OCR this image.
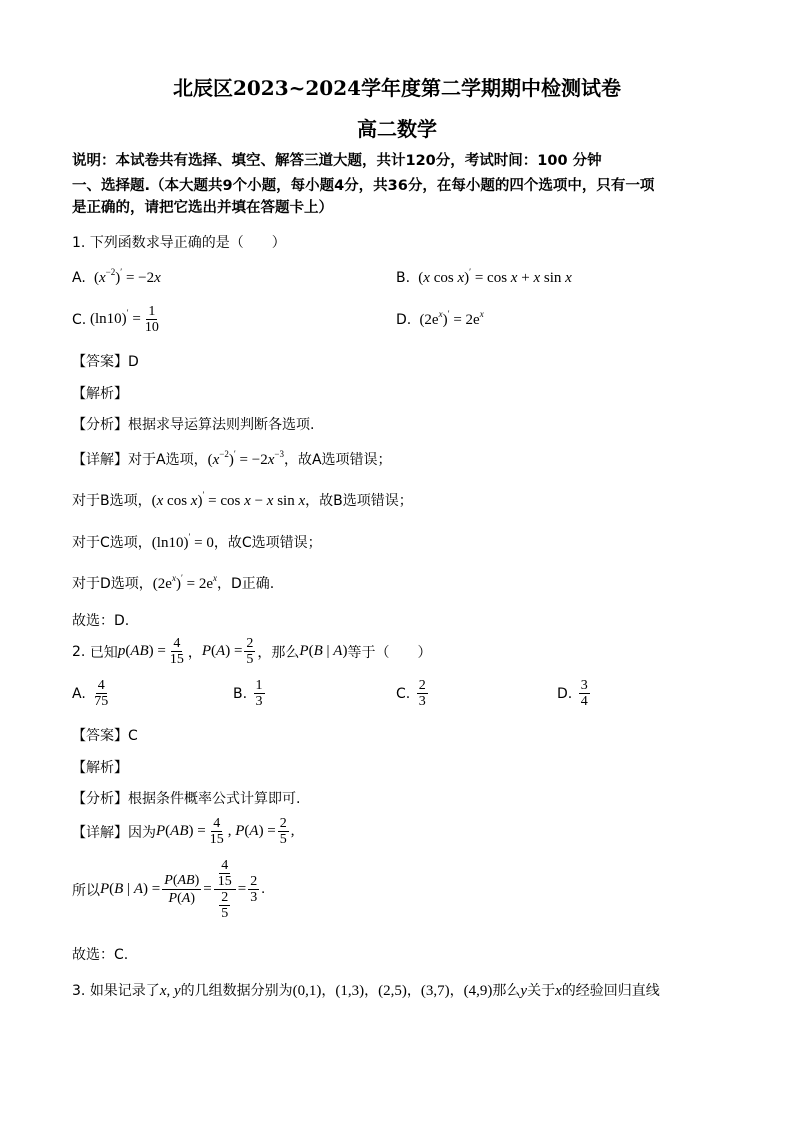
北辰区2023~2024学年度第二学期期中检测试卷
高二数学
说明：本试卷共有选择、填空、解答三道大题，共计120分，考试时间：100 分钟
一、选择题.（本大题共9个小题，每小题4分，共36分，在每小题的四个选项中，只有一项
是正确的，请把它选出并填在答题卡上）
1. 下列函数求导正确的是（　　）
A.  $(x^{-2})' = -2x$	B.  (x cos x)′ = cos x + x sin x
C. $(\ln 10)' = \frac{1}{10}$	D.  $(2e^x)' = 2e^x$
【答案】D
【解析】
【分析】根据求导运算法则判断各选项.
【详解】对于A选项，$(x^{-2})' = -2x^{-3}$，故A选项错误；
对于B选项，(x cos x)′ = cos x − x sin x，故B选项错误；
对于C选项，(ln10)′ = 0，故C选项错误；
对于D选项，$(2e^x)' = 2e^x$，D正确.
故选：D.
2.
已知 $p(AB) = \frac{4}{15}$ ， $P(A) = \frac{2}{5}$ ，那么 P(B | A) 等于（　　）
A.
$\frac{4}{75}$	B.
$\frac{1}{3}$	C.
$\frac{2}{3}$	D.
$\frac{3}{4}$
【答案】C
【解析】
【分析】根据条件概率公式计算即可.
【详解】 因为 $P(AB) = \frac{4}{15}$ , $P(A) = \frac{2}{5}$ ,
所以 P(B | $A) = \frac{P(AB)}{P(A)} = \frac{\frac{4}{15}}{\frac{2}{5}} = \frac{2}{3}$ .
故选：C.
3. 如果记录了x, y的几组数据分别为(0,1)，(1,3)，(2,5)，(3,7)，(4,9)那么y关于x的经验回归直线
